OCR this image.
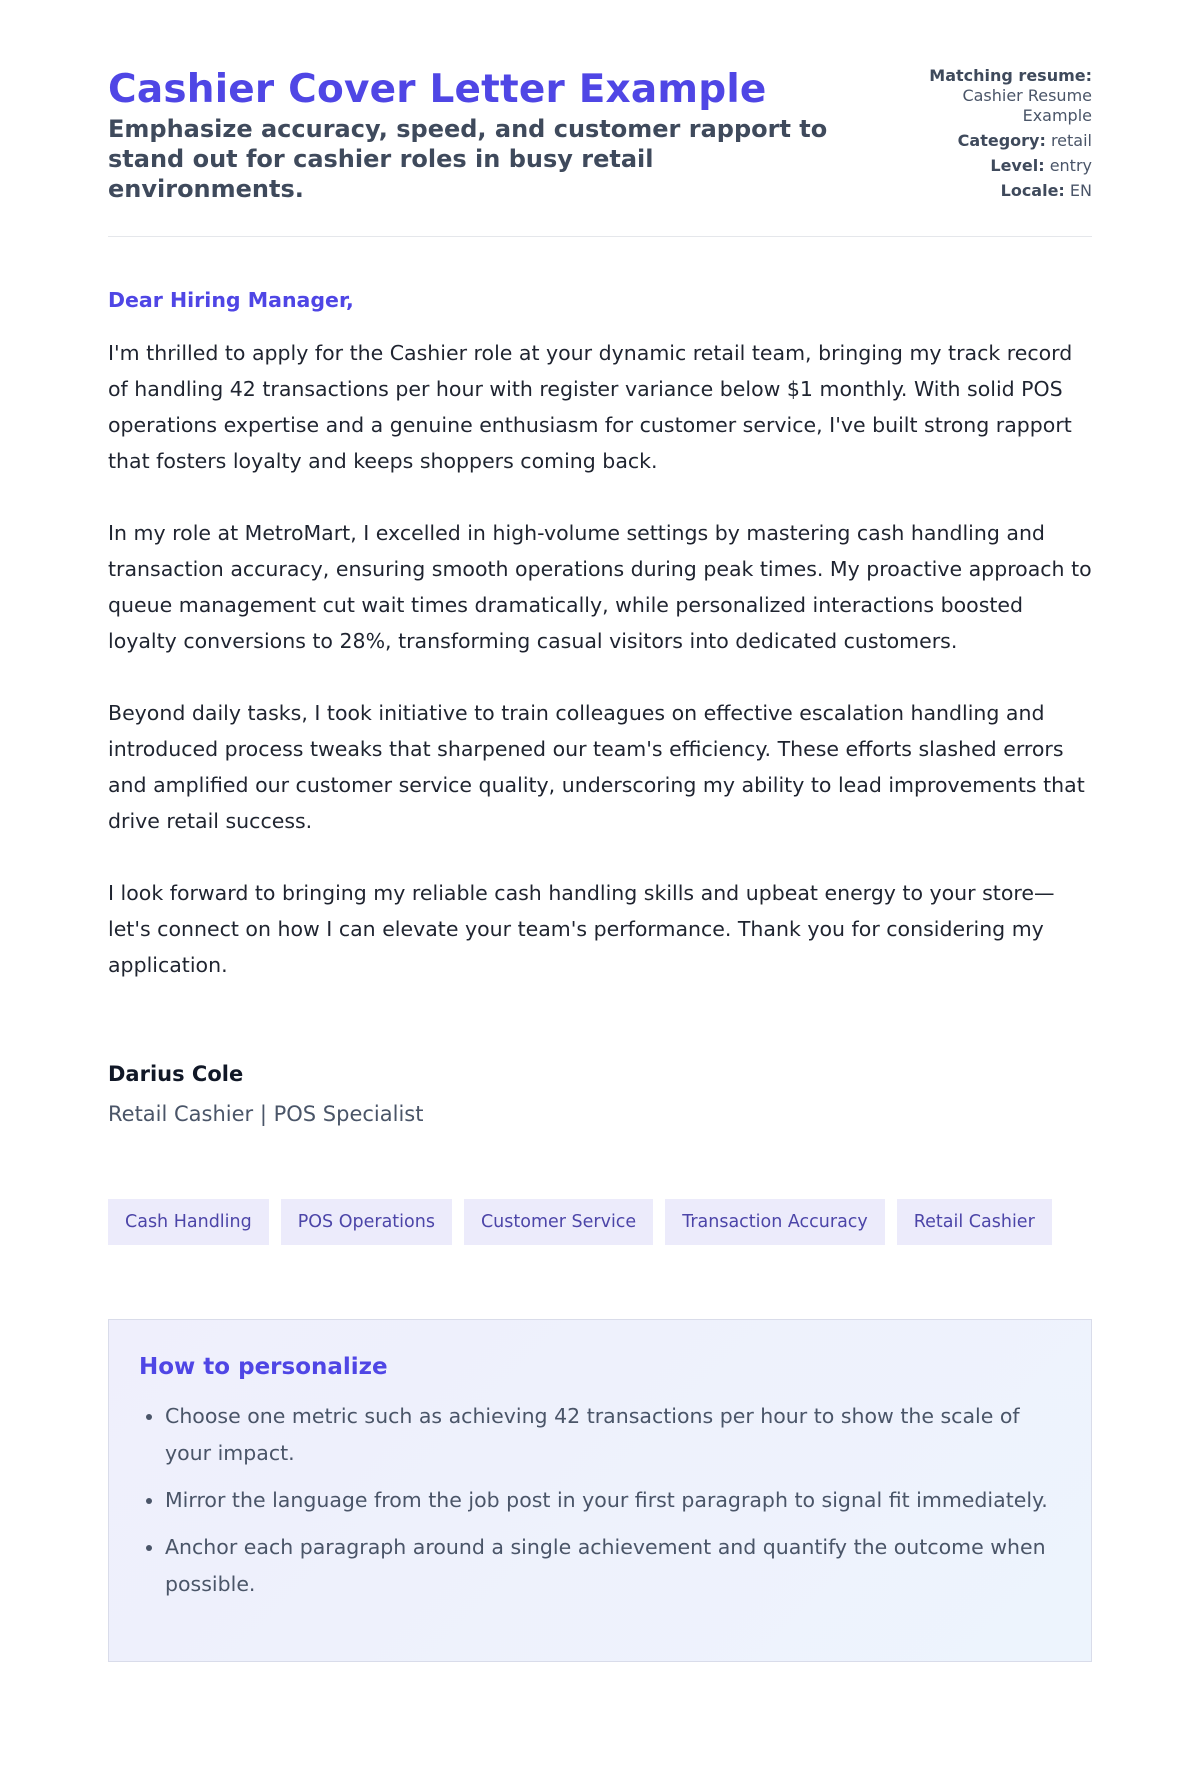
Cashier Cover Letter Example

Emphasize accuracy, speed, and customer rapport to stand out for cashier roles in busy retail environments.

Matching resume:
Cashier Resume Example
Category: retail
Level: entry
Locale: EN

Dear Hiring Manager,

I'm thrilled to apply for the Cashier role at your dynamic retail team, bringing my track record of handling 42 transactions per hour with register variance below $1 monthly. With solid POS operations expertise and a genuine enthusiasm for customer service, I've built strong rapport that fosters loyalty and keeps shoppers coming back.

In my role at MetroMart, I excelled in high-volume settings by mastering cash handling and transaction accuracy, ensuring smooth operations during peak times. My proactive approach to queue management cut wait times dramatically, while personalized interactions boosted loyalty conversions to 28%, transforming casual visitors into dedicated customers.

Beyond daily tasks, I took initiative to train colleagues on effective escalation handling and introduced process tweaks that sharpened our team's efficiency. These efforts slashed errors and amplified our customer service quality, underscoring my ability to lead improvements that drive retail success.

I look forward to bringing my reliable cash handling skills and upbeat energy to your store—let's connect on how I can elevate your team's performance. Thank you for considering my application.

Darius Cole
Retail Cashier | POS Specialist
Cash Handling	POS Operations	Customer Service	Transaction Accuracy	Retail Cashier
How to personalize
• Choose one metric such as achieving 42 transactions per hour to show the scale of your impact.
• Mirror the language from the job post in your first paragraph to signal fit immediately.
• Anchor each paragraph around a single achievement and quantify the outcome when possible.
